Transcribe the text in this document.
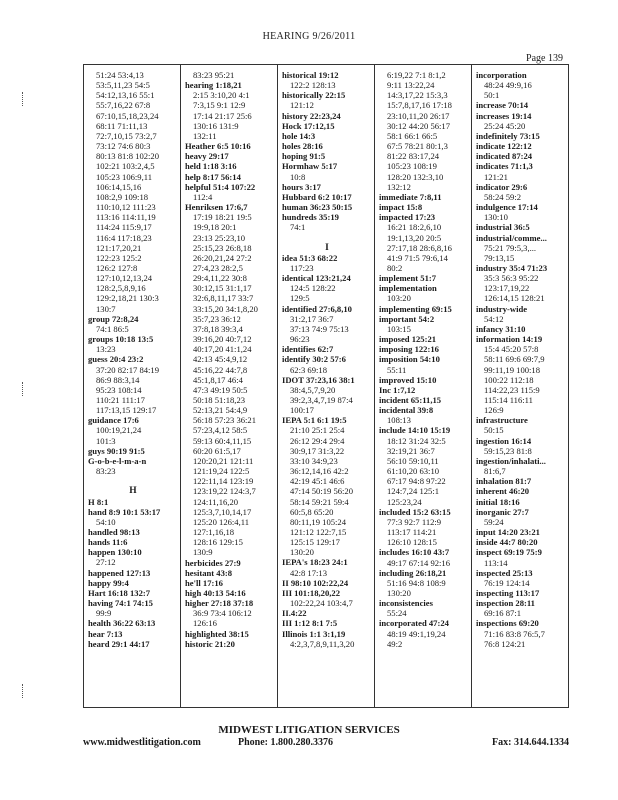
HEARING 9/26/2011
Page 139
51:24 53:4,13
53:5,11,23 54:5
54:12,13,16 55:1
55:7,16,22 67:8
67:10,15,18,23,24
68:11 71:11,13
72:7,10,15 73:2,7
73:12 74:6 80:3
80:13 81:8 102:20
102:21 103:2,4,5
105:23 106:9,11
106:14,15,16
108:2,9 109:18
110:10,12 111:23
113:16 114:11,19
114:24 115:9,17
116:4 117:18,23
121:17,20,21
122:23 125:2
126:2 127:8
127:10,12,13,24
128:2,5,8,9,16
129:2,18,21 130:3
130:7
group 72:8,24
74:1 86:5
groups 10:18 13:5
13:23
guess 20:4 23:2
37:20 82:17 84:19
86:9 88:3,14
95:23 108:14
110:21 111:17
117:13,15 129:17
guidance 17:6
100:19,21,24
101:3
guys 90:19 91:5
G-o-b-e-l-m-a-n
83:23
H
H 8:1
hand 8:9 10:1 53:17
54:10
handled 98:13
hands 11:6
happen 130:10
27:12
happened 127:13
happy 99:4
Hart 16:18 132:7
having 74:1 74:15
99:9
health 36:22 63:13
hear 7:13
heard 29:1 44:17
83:23 95:21
hearing 1:18,21
2:15 3:10,20 4:1
7:3,15 9:1 12:9
17:14 21:17 25:6
130:16 131:9
132:11
Heather 6:5 10:16
heavy 29:17
held 1:18 3:16
help 8:17 56:14
helpful 51:4 107:22
112:4
Henriksen 17:6,7
17:19 18:21 19:5
19:9,18 20:1
23:13 25:23,10
25:15,23 26:8,18
26:20,21,24 27:2
27:4,23 28:2,5
29:4,11,22 30:8
30:12,15 31:1,17
32:6,8,11,17 33:7
33:15,20 34:1,8,20
35:7,23 36:12
37:8,18 39:3,4
39:16,20 40:7,12
40:17,20 41:1,24
42:13 45:4,9,12
45:16,22 44:7,8
45:1,8,17 46:4
47:3 49:19 50:5
50:18 51:18,23
52:13,21 54:4,9
56:18 57:23 36:21
57:23,4,12 58:5
59:13 60:4,11,15
60:20 61:5,17
120:20,21 121:11
121:19,24 122:5
122:11,14 123:19
123:19,22 124:3,7
124:11,16,20
125:3,7,10,14,17
125:20 126:4,11
127:1,16,18
128:16 129:15
130:9
herbicides 27:9
hesitant 43:8
he'll 17:16
high 40:13 54:16
higher 27:18 37:18
36:9 73:4 106:12
126:16
highlighted 38:15
historic 21:20
historical 19:12
122:2 128:13
historically 22:15
121:12
history 22:23,24
Hock 17:12,15
hole 14:3
holes 28:16
hoping 91:5
Hormhaw 5:17
10:8
hours 3:17
Hubbard 6:2 10:17
human 36:23 50:15
hundreds 35:19
74:1
I
idea 51:3 68:22
117:23
identical 123:21,24
124:5 128:22
129:5
identified 27:6,8,10
31:2,17 36:7
37:13 74:9 75:13
96:23
identifies 62:7
identify 30:2 57:6
62:3 69:18
IDOT 37:23,16 38:1
38:4,5,7,9,20
39:2,3,4,7,19 87:4
100:17
IEPA 5:1 6:1 19:5
21:10 25:1 25:4
26:12 29:4 29:4
30:9,17 31:3,22
33:10 34:9,23
36:12,14,16 42:2
42:19 45:1 46:6
47:14 50:19 56:20
58:14 59:21 59:4
60:5,8 65:20
80:11,19 105:24
121:12 122:7,15
125:15 129:17
130:20
IEPA's 18:23 24:1
42:8 17:13
II 98:10 102:22,24
III 101:18,20,22
102:22,24 103:4,7
II.4:22
III 1:12 8:1 7:5
Illinois 1:1 3:1,19
4:2,3,7,8,9,11,3,20
6:19,22 7:1 8:1,2
9:11 13:22,24
14:3,17,22 15:3,3
15:7,8,17,16 17:18
23:10,11,20 26:17
30:12 44:20 56:17
58:1 66:1 66:5
67:5 78:21 80:1,3
81:22 83:17,24
105:23 108:19
128:20 132:3,10
132:12
immediate 7:8,11
impact 15:8
impacted 17:23
16:21 18:2,6,10
19:1,13,20 20:5
27:17,18 28:6,8,16
41:9 71:5 79:6,14
80:2
implement 51:7
implementation
103:20
implementing 69:15
important 54:2
103:15
imposed 125:21
imposing 122:16
imposition 54:10
55:11
improved 15:10
Inc 1:7,12
incident 65:11,15
incidental 39:8
108:13
include 14:10 15:19
18:12 31:24 32:5
32:19,21 36:7
56:10 59:10,11
61:10,20 63:10
67:17 94:8 97:22
124:7,24 125:1
125:23,24
included 15:2 63:15
77:3 92:7 112:9
113:17 114:21
126:10 128:15
includes 16:10 43:7
49:17 67:14 92:16
including 26:18,21
51:16 94:8 108:9
130:20
inconsistencies
55:24
incorporated 47:24
48:19 49:1,19,24
49:2
incorporation
48:24 49:9,16
50:1
increase 70:14
increases 19:14
25:24 45:20
indefinitely 73:15
indicate 122:12
indicated 87:24
indicates 71:1,3
121:21
indicator 29:6
58:24 59:2
indulgence 17:14
130:10
industrial 36:5
industrial/comme...
75:21 79:5,3,...
79:13,15
industry 35:4 71:23
35:3 56:3 95:22
123:17,19,22
126:14,15 128:21
industry-wide
54:12
infancy 31:10
information 14:19
15:4 45:20 57:8
58:11 69:6 69:7,9
99:11,19 100:18
100:22 112:18
114:22,23 115:9
115:14 116:11
126:9
infrastructure
50:15
ingestion 16:14
59:15,23 81:8
ingestion/inhalati...
81:6,7
inhalation 81:7
inherent 46:20
initial 18:16
inorganic 27:7
59:24
input 14:20 23:21
inside 44:7 80:20
inspect 69:19 75:9
113:14
inspected 25:13
76:19 124:14
inspecting 113:17
inspection 28:11
69:16 87:1
inspections 69:20
71:16 83:8 76:5,7
76:8 124:21
MIDWEST LITIGATION SERVICES
www.midwestlitigation.com	Phone: 1.800.280.3376	Fax: 314.644.1334
